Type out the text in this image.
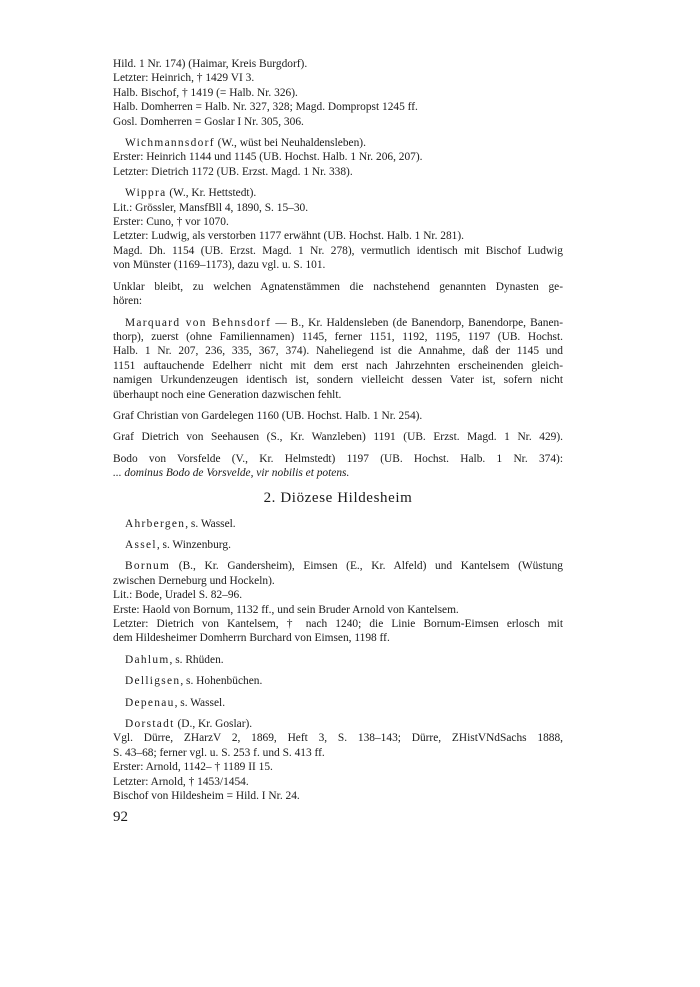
Hild. 1 Nr. 174) (Haimar, Kreis Burgdorf).
Letzter: Heinrich, † 1429 VI 3.
Halb. Bischof, † 1419 (= Halb. Nr. 326).
Halb. Domherren = Halb. Nr. 327, 328; Magd. Dompropst 1245 ff.
Gosl. Domherren = Goslar I Nr. 305, 306.
Wichmannsdorf (W., wüst bei Neuhaldensleben).
Erster: Heinrich 1144 und 1145 (UB. Hochst. Halb. 1 Nr. 206, 207).
Letzter: Dietrich 1172 (UB. Erzst. Magd. 1 Nr. 338).
Wippra (W., Kr. Hettstedt).
Lit.: Grössler, MansfBll 4, 1890, S. 15–30.
Erster: Cuno, † vor 1070.
Letzter: Ludwig, als verstorben 1177 erwähnt (UB. Hochst. Halb. 1 Nr. 281).
Magd. Dh. 1154 (UB. Erzst. Magd. 1 Nr. 278), vermutlich identisch mit Bischof Ludwig
von Münster (1169–1173), dazu vgl. u. S. 101.
Unklar bleibt, zu welchen Agnatenstämmen die nachstehend genannten Dynasten ge-
hören:
Marquard von Behnsdorf — B., Kr. Haldensleben (de Banendorp, Banendorpe, Banen-
thorp), zuerst (ohne Familiennamen) 1145, ferner 1151, 1192, 1195, 1197 (UB. Hochst.
Halb. 1 Nr. 207, 236, 335, 367, 374). Naheliegend ist die Annahme, daß der 1145 und
1151 auftauchende Edelherr nicht mit dem erst nach Jahrzehnten erscheinenden gleich-
namigen Urkundenzeugen identisch ist, sondern vielleicht dessen Vater ist, sofern nicht
überhaupt noch eine Generation dazwischen fehlt.
Graf Christian von Gardelegen 1160 (UB. Hochst. Halb. 1 Nr. 254).
Graf Dietrich von Seehausen (S., Kr. Wanzleben) 1191 (UB. Erzst. Magd. 1 Nr. 429).
Bodo von Vorsfelde (V., Kr. Helmstedt) 1197 (UB. Hochst. Halb. 1 Nr. 374):
... dominus Bodo de Vorsvelde, vir nobilis et potens.
2. Diözese Hildesheim
Ahrbergen, s. Wassel.
Assel, s. Winzenburg.
Bornum (B., Kr. Gandersheim), Eimsen (E., Kr. Alfeld) und Kantelsem (Wüstung
zwischen Derneburg und Hockeln).
Lit.: Bode, Uradel S. 82–96.
Erste: Haold von Bornum, 1132 ff., und sein Bruder Arnold von Kantelsem.
Letzter: Dietrich von Kantelsem, † nach 1240; die Linie Bornum-Eimsen erlosch mit
dem Hildesheimer Domherrn Burchard von Eimsen, 1198 ff.
Dahlum, s. Rhüden.
Delligsen, s. Hohenbüchen.
Depenau, s. Wassel.
Dorstadt (D., Kr. Goslar).
Vgl. Dürre, ZHarzV 2, 1869, Heft 3, S. 138–143; Dürre, ZHistVNdSachs 1888,
S. 43–68; ferner vgl. u. S. 253 f. und S. 413 ff.
Erster: Arnold, 1142– † 1189 II 15.
Letzter: Arnold, † 1453/1454.
Bischof von Hildesheim = Hild. I Nr. 24.
92
